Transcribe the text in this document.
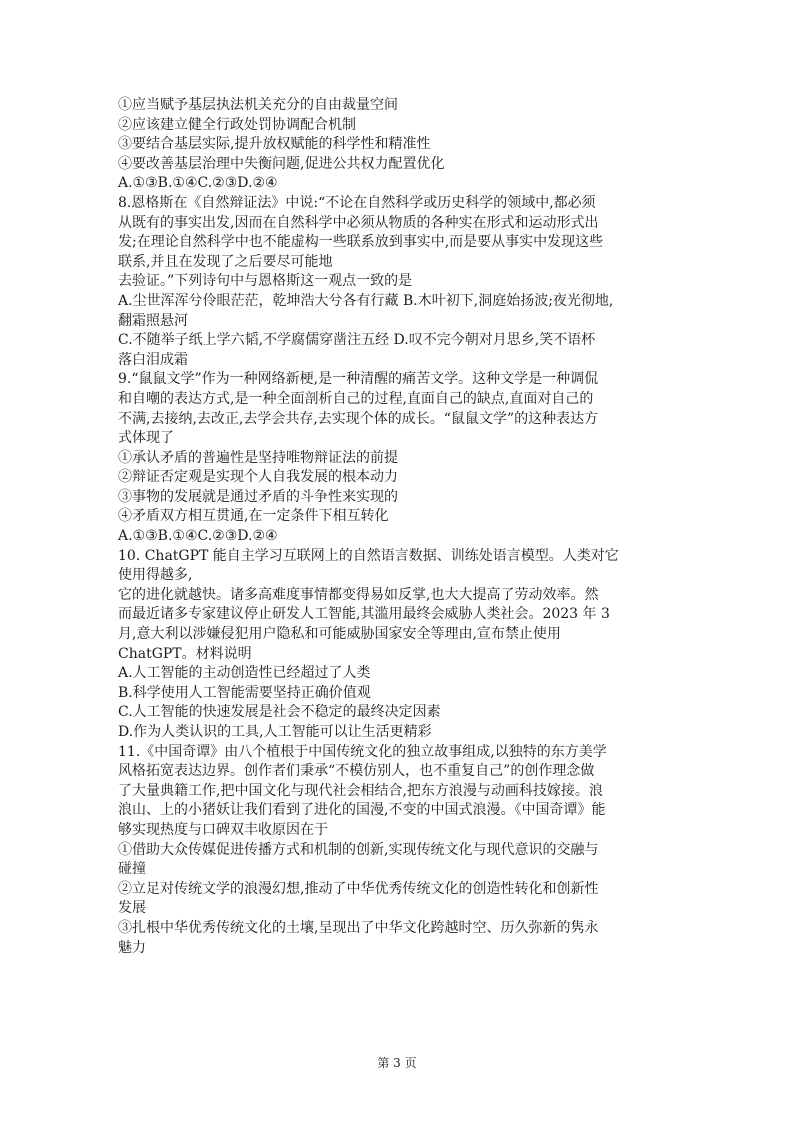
①应当赋予基层执法机关充分的自由裁量空间
②应该建立健全行政处罚协调配合机制
③要结合基层实际,提升放权赋能的科学性和精准性
④要改善基层治理中失衡问题,促进公共权力配置优化
A.①③B.①④C.②③D.②④
8.恩格斯在《自然辩证法》中说:“不论在自然科学或历史科学的领域中,都必须
从既有的事实出发,因而在自然科学中必须从物质的各种实在形式和运动形式出
发;在理论自然科学中也不能虚构一些联系放到事实中,而是要从事实中发现这些
联系,并且在发现了之后要尽可能地
去验证。”下列诗句中与恩格斯这一观点一致的是
A.尘世浑浑兮伶眼茫茫，乾坤浩大兮各有行藏 B.木叶初下,洞庭始扬波;夜光彻地,
翻霜照悬河
C.不随举子纸上学六韬,不学腐儒穿凿注五经 D.叹不完今朝对月思乡,笑不语杯
落白泪成霜
9.“鼠鼠文学”作为一种网络新梗,是一种清醒的痛苦文学。这种文学是一种调侃
和自嘲的表达方式,是一种全面剖析自己的过程,直面自己的缺点,直面对自己的
不满,去接纳,去改正,去学会共存,去实现个体的成长。“鼠鼠文学”的这种表达方
式体现了
①承认矛盾的普遍性是坚持唯物辩证法的前提
②辩证否定观是实现个人自我发展的根本动力
③事物的发展就是通过矛盾的斗争性来实现的
④矛盾双方相互贯通,在一定条件下相互转化
A.①③B.①④C.②③D.②④
10. ChatGPT 能自主学习互联网上的自然语言数据、训练处语言模型。人类对它
使用得越多,
它的进化就越快。诸多高难度事情都变得易如反掌,也大大提高了劳动效率。然
而最近诸多专家建议停止研发人工智能,其滥用最终会威胁人类社会。2023 年 3
月,意大利以涉嫌侵犯用户隐私和可能威胁国家安全等理由,宣布禁止使用
ChatGPT。材料说明
A.人工智能的主动创造性已经超过了人类
B.科学使用人工智能需要坚持正确价值观
C.人工智能的快速发展是社会不稳定的最终决定因素
D.作为人类认识的工具,人工智能可以让生活更精彩
11.《中国奇谭》由八个植根于中国传统文化的独立故事组成,以独特的东方美学
风格拓宽表达边界。创作者们秉承“不模仿别人，也不重复自己”的创作理念做
了大量典籍工作,把中国文化与现代社会相结合,把东方浪漫与动画科技嫁接。浪
浪山、上的小猪妖让我们看到了进化的国漫,不变的中国式浪漫。《中国奇谭》能
够实现热度与口碑双丰收原因在于
①借助大众传媒促进传播方式和机制的创新,实现传统文化与现代意识的交融与
碰撞
②立足对传统文学的浪漫幻想,推动了中华优秀传统文化的创造性转化和创新性
发展
③扎根中华优秀传统文化的土壤,呈现出了中华文化跨越时空、历久弥新的隽永
魅力
第 3 页
